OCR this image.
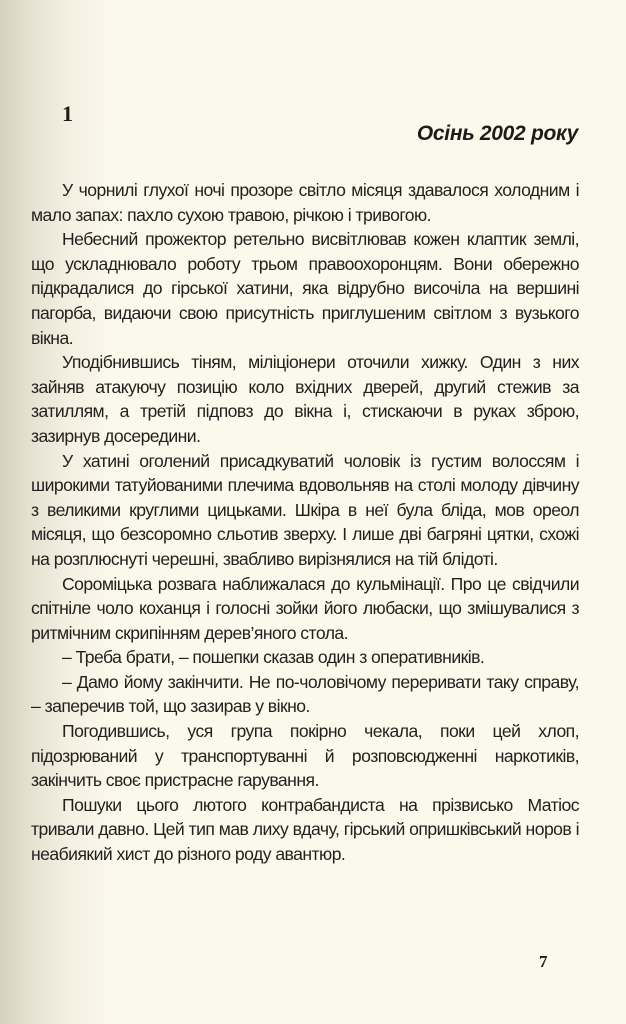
1
Осінь 2002 року

У чорнилі глухої ночі прозоре світло місяця здавалося холодним і мало запах: пахло сухою травою, річкою і тривогою.

Небесний прожектор ретельно висвітлював кожен клаптик землі, що ускладнювало роботу трьом правоохоронцям. Вони обережно підкрадалися до гірської хатини, яка відрубно височіла на вершині пагорба, видаючи свою присутність приглушеним світлом з вузького вікна.

Уподібнившись тіням, міліціонери оточили хижку. Один з них зайняв атакуючу позицію коло вхідних дверей, другий стежив за затиллям, а третій підповз до вікна і, стискаючи в руках зброю, зазирнув досередини.

У хатині оголений присадкуватий чоловік із густим волоссям і широкими татуйованими плечима вдовольняв на столі молоду дівчину з великими круглими цицьками. Шкіра в неї була бліда, мов ореол місяця, що безсоромно сльотив зверху. І лише дві багряні цятки, схожі на розплюснуті черешні, звабливо вирізнялися на тій блідоті.

Сороміцька розвага наближалася до кульмінації. Про це свідчили спітніле чоло коханця і голосні зойки його любаски, що змішувалися з ритмічним скрипінням дерев’яного стола.

– Треба брати, – пошепки сказав один з оперативників.

– Дамо йому закінчити. Не по-чоловічому переривати таку справу, – заперечив той, що зазирав у вікно.

Погодившись, уся група покірно чекала, поки цей хлоп, підозрюваний у транспортуванні й розповсюдженні наркотиків, закінчить своє пристрасне гарування.

Пошуки цього лютого контрабандиста на прізвисько Матіос тривали давно. Цей тип мав лиху вдачу, гірський опришківський норов і неабиякий хист до різного роду авантюр.

7
